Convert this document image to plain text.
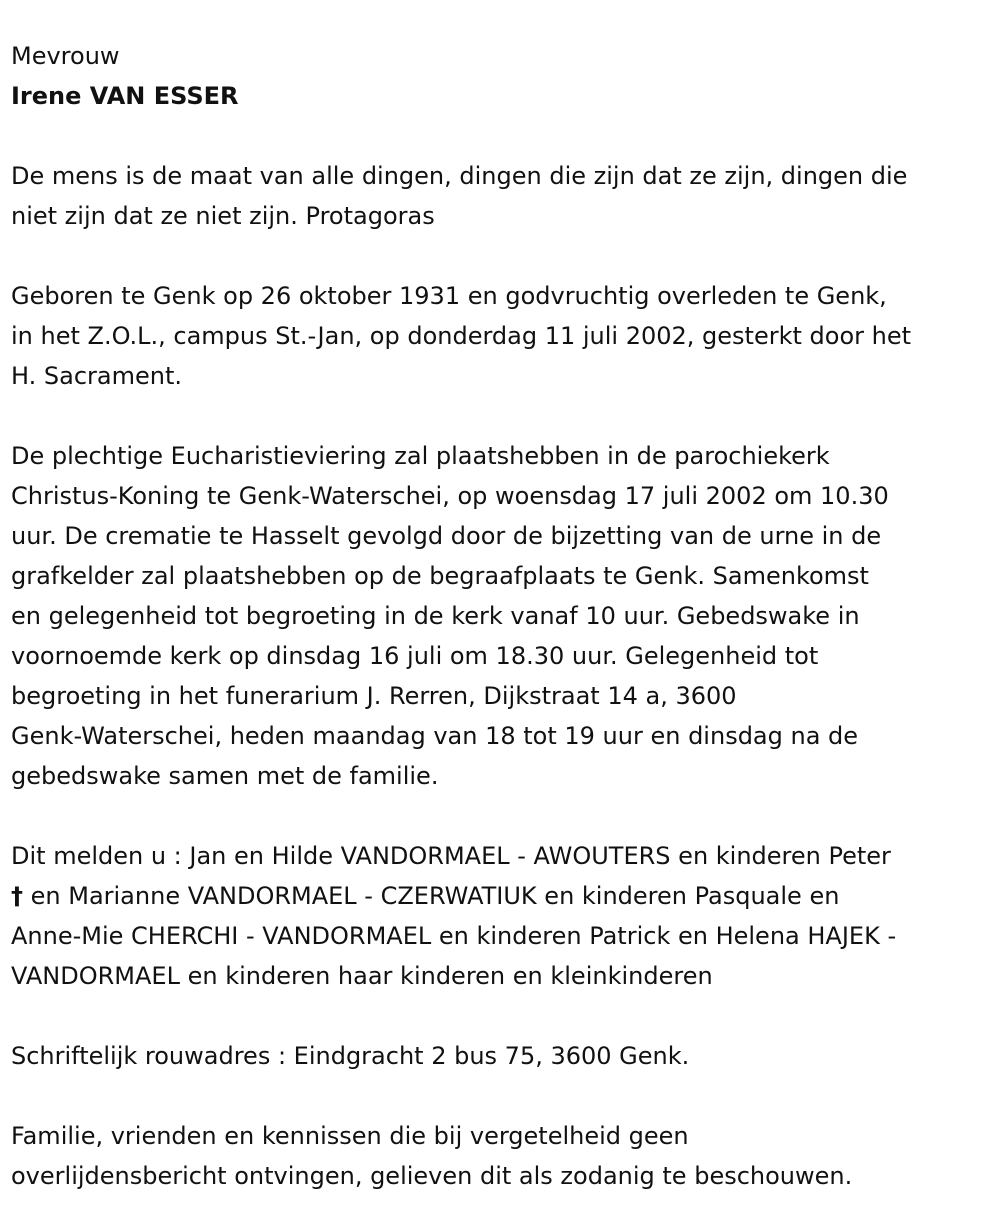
Mevrouw

Irene VAN ESSER

De mens is de maat van alle dingen, dingen die zijn dat ze zijn, dingen die

niet zijn dat ze niet zijn. Protagoras

Geboren te Genk op 26 oktober 1931 en godvruchtig overleden te Genk,

in het Z.O.L., campus St.-Jan, op donderdag 11 juli 2002, gesterkt door het

H. Sacrament.

De plechtige Eucharistieviering zal plaatshebben in de parochiekerk

Christus-Koning te Genk-Waterschei, op woensdag 17 juli 2002 om 10.30

uur. De crematie te Hasselt gevolgd door de bijzetting van de urne in de

grafkelder zal plaatshebben op de begraafplaats te Genk. Samenkomst

en gelegenheid tot begroeting in de kerk vanaf 10 uur. Gebedswake in

voornoemde kerk op dinsdag 16 juli om 18.30 uur. Gelegenheid tot

begroeting in het funerarium J. Rerren, Dijkstraat 14 a, 3600

Genk-Waterschei, heden maandag van 18 tot 19 uur en dinsdag na de

gebedswake samen met de familie.

Dit melden u : Jan en Hilde VANDORMAEL - AWOUTERS en kinderen Peter

† en Marianne VANDORMAEL - CZERWATIUK en kinderen Pasquale en

Anne-Mie CHERCHI - VANDORMAEL en kinderen Patrick en Helena HAJEK -

VANDORMAEL en kinderen haar kinderen en kleinkinderen

Schriftelijk rouwadres : Eindgracht 2 bus 75, 3600 Genk.

Familie, vrienden en kennissen die bij vergetelheid geen

overlijdensbericht ontvingen, gelieven dit als zodanig te beschouwen.
